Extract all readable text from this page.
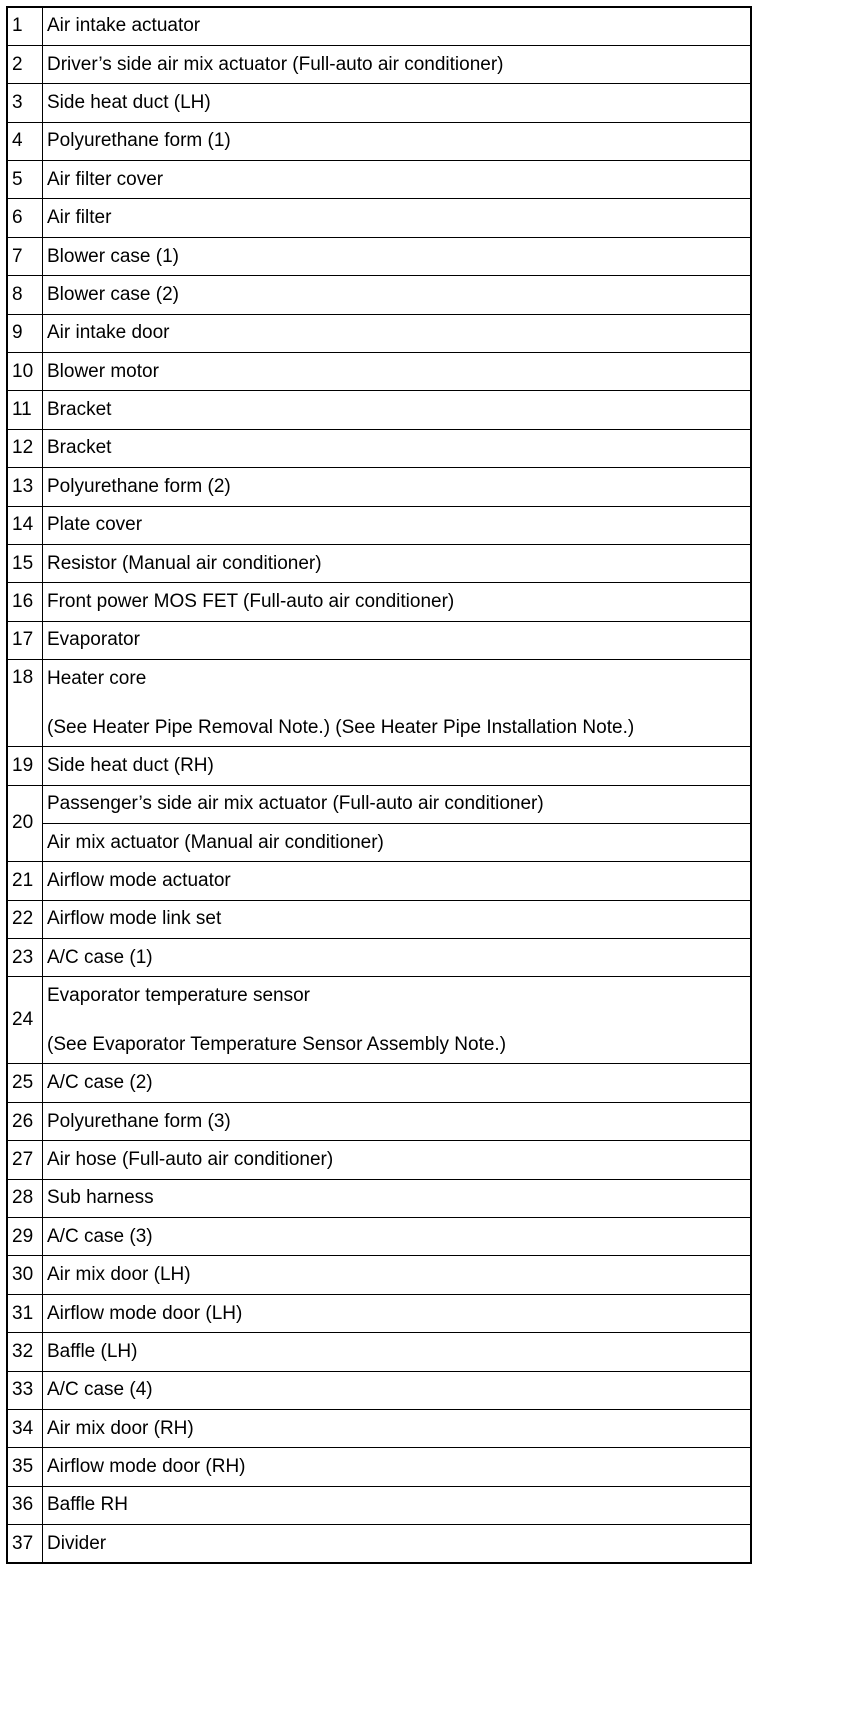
1	Air intake actuator

2	Driver’s side air mix actuator (Full-auto air conditioner)

3	Side heat duct (LH)

4	Polyurethane form (1)

5	Air filter cover

6	Air filter

7	Blower case (1)

8	Blower case (2)

9	Air intake door

10	Blower motor

11	Bracket

12	Bracket

13	Polyurethane form (2)

14	Plate cover

15	Resistor (Manual air conditioner)

16	Front power MOS FET (Full-auto air conditioner)

17	Evaporator

18	Heater core
(See Heater Pipe Removal Note.) (See Heater Pipe Installation Note.)

19	Side heat duct (RH)

20	Passenger’s side air mix actuator (Full-auto air conditioner)
	Air mix actuator (Manual air conditioner)
21	Airflow mode actuator

22	Airflow mode link set

23	A/C case (1)

24	Evaporator temperature sensor
(See Evaporator Temperature Sensor Assembly Note.)

25	A/C case (2)

26	Polyurethane form (3)

27	Air hose (Full-auto air conditioner)

28	Sub harness

29	A/C case (3)

30	Air mix door (LH)

31	Airflow mode door (LH)

32	Baffle (LH)

33	A/C case (4)

34	Air mix door (RH)

35	Airflow mode door (RH)

36	Baffle RH

37	Divider
